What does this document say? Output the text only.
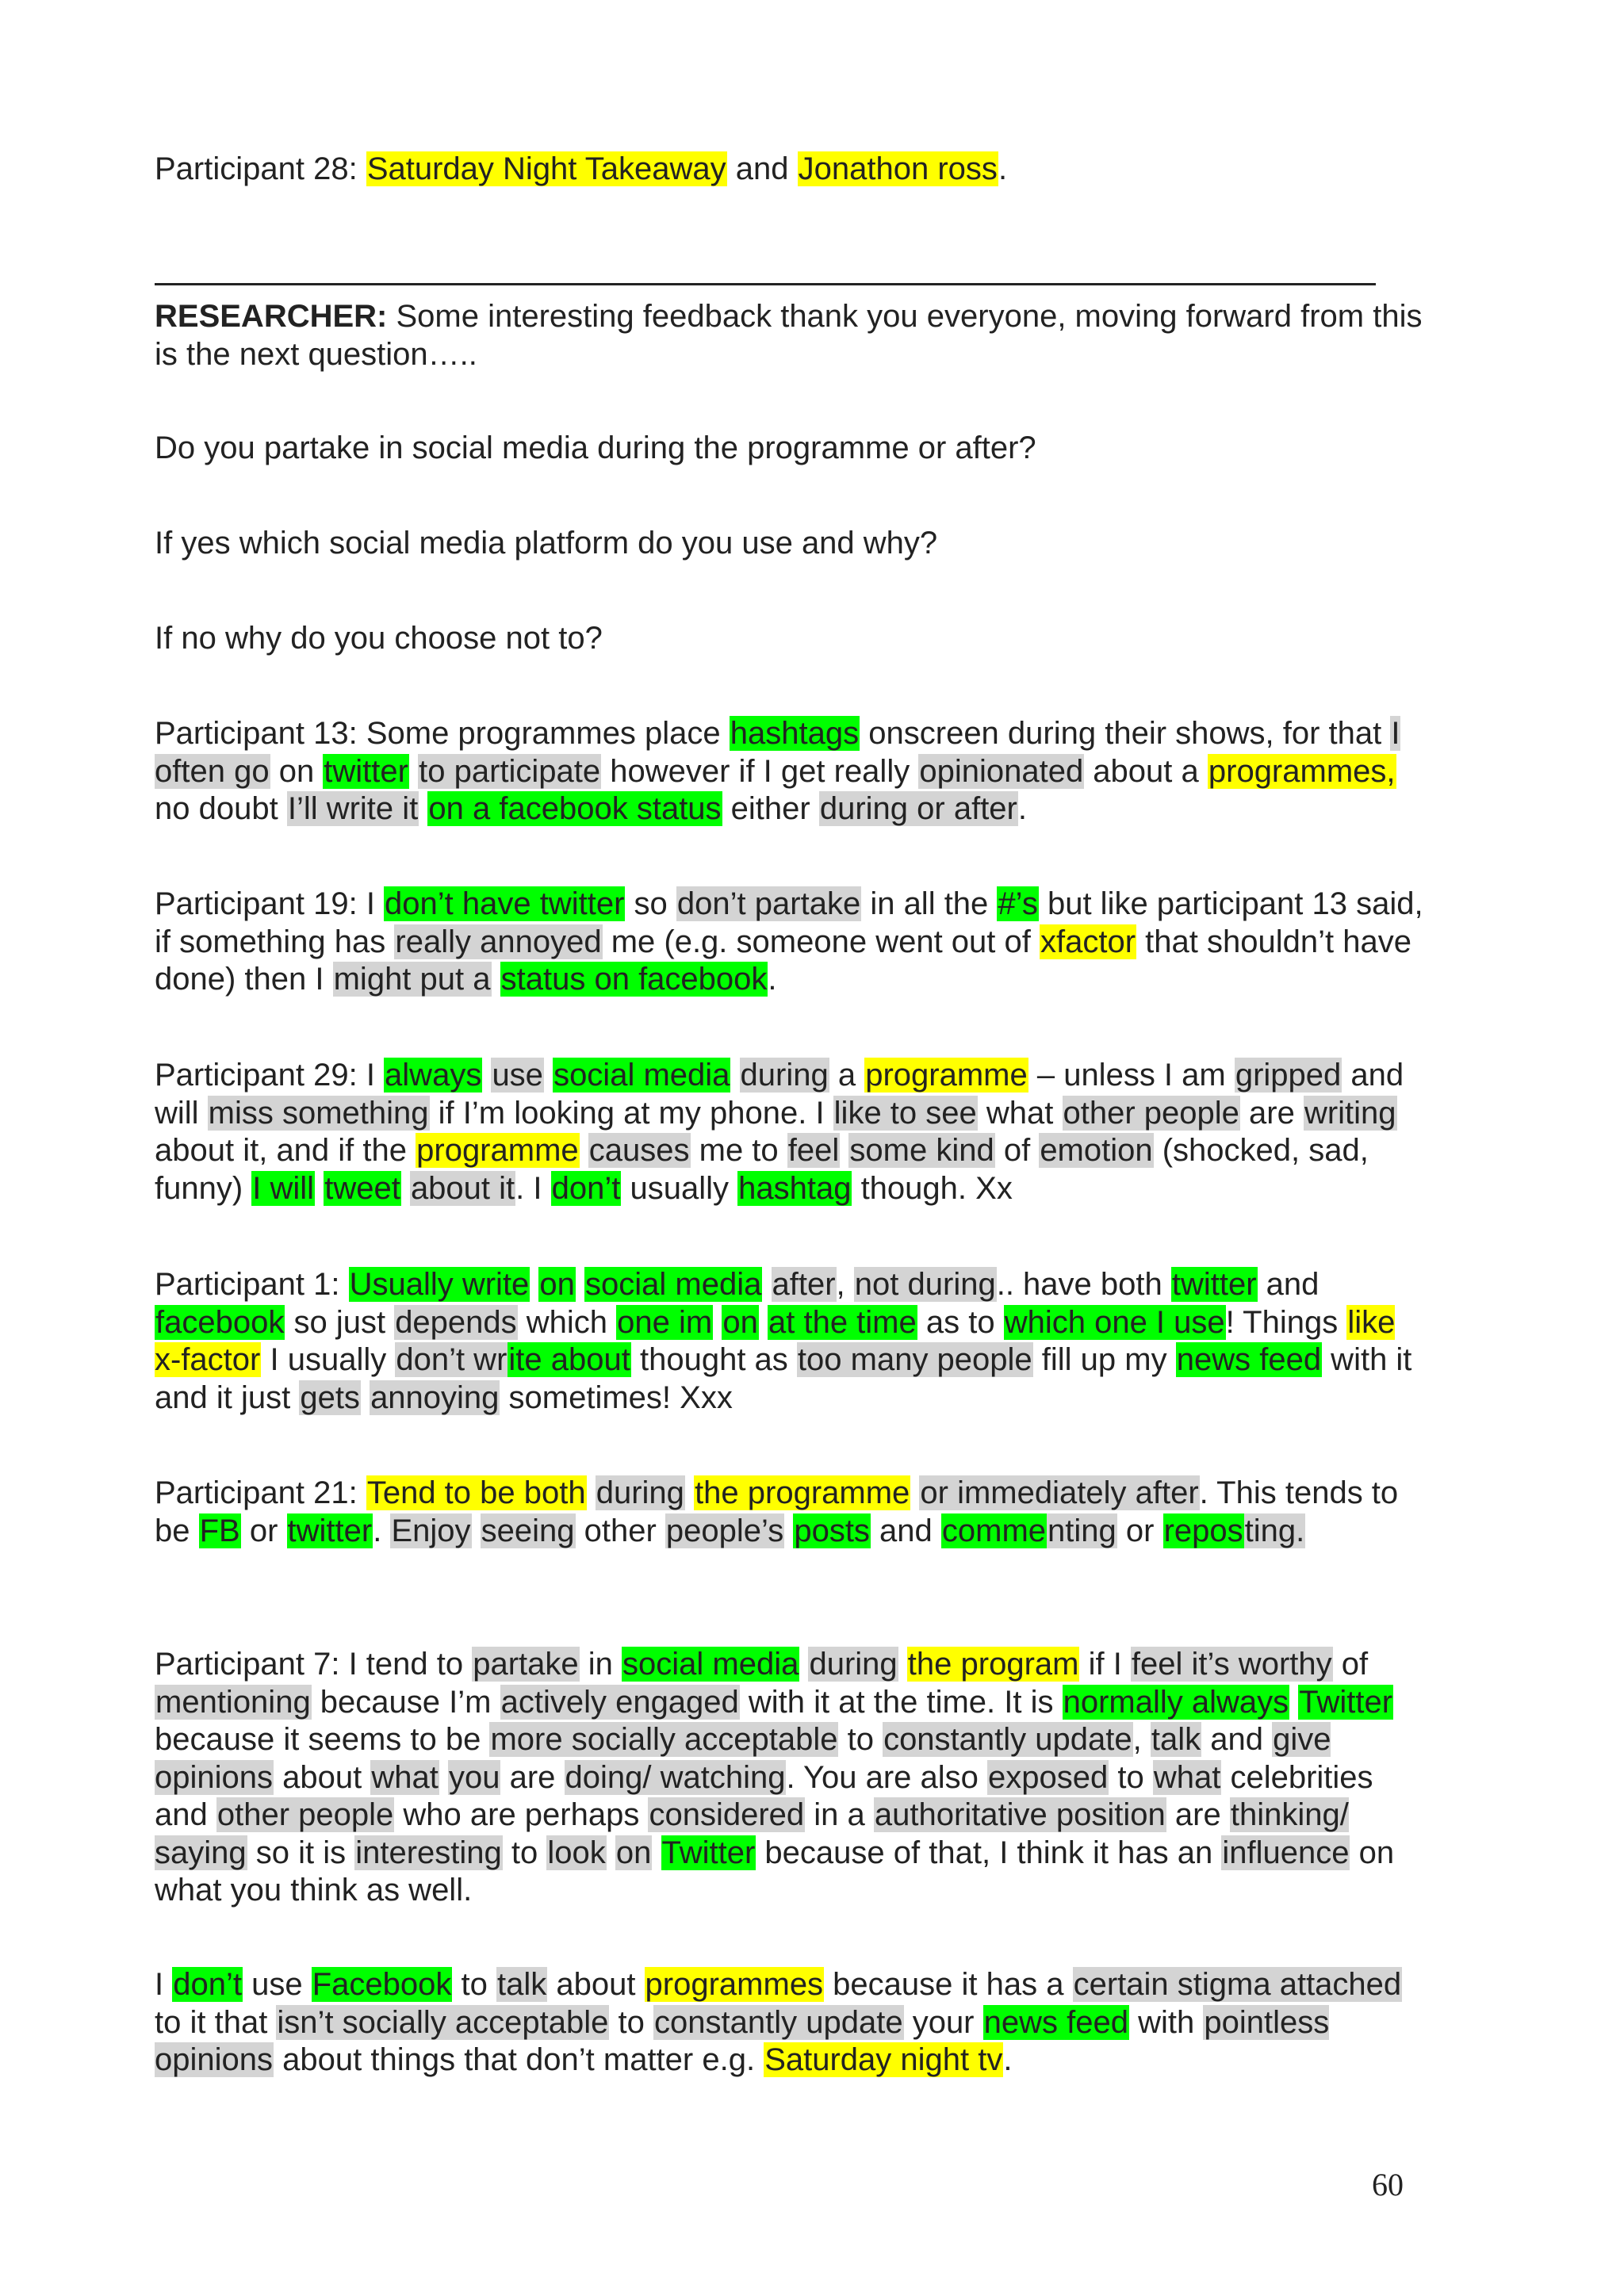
Participant 28: Saturday Night Takeaway and Jonathon ross.

RESEARCHER: Some interesting feedback thank you everyone, moving forward from this is the next question…..

Do you partake in social media during the programme or after?

If yes which social media platform do you use and why?

If no why do you choose not to?

Participant 13: Some programmes place hashtags onscreen during their shows, for that I often go on twitter to participate however if I get really opinionated about a programmes, no doubt I’ll write it on a facebook status either during or after.

Participant 19: I don’t have twitter so don’t partake in all the #’s but like participant 13 said, if something has really annoyed me (e.g. someone went out of xfactor that shouldn’t have done) then I might put a status on facebook.

Participant 29: I always use social media during a programme – unless I am gripped and will miss something if I’m looking at my phone. I like to see what other people are writing about it, and if the programme causes me to feel some kind of emotion (shocked, sad, funny) I will tweet about it. I don’t usually hashtag though. Xx

Participant 1: Usually write on social media after, not during.. have both twitter and facebook so just depends which one im on at the time as to which one I use! Things like x-factor I usually don’t write about thought as too many people fill up my news feed with it and it just gets annoying sometimes! Xxx

Participant 21: Tend to be both during the programme or immediately after. This tends to be FB or twitter. Enjoy seeing other people’s posts and commenting or reposting.

Participant 7: I tend to partake in social media during the program if I feel it’s worthy of mentioning because I’m actively engaged with it at the time. It is normally always Twitter because it seems to be more socially acceptable to constantly update, talk and give opinions about what you are doing/ watching. You are also exposed to what celebrities and other people who are perhaps considered in a authoritative position are thinking/ saying so it is interesting to look on Twitter because of that, I think it has an influence on what you think as well.

I don’t use Facebook to talk about programmes because it has a certain stigma attached to it that isn’t socially acceptable to constantly update your news feed with pointless opinions about things that don’t matter e.g. Saturday night tv.

60
